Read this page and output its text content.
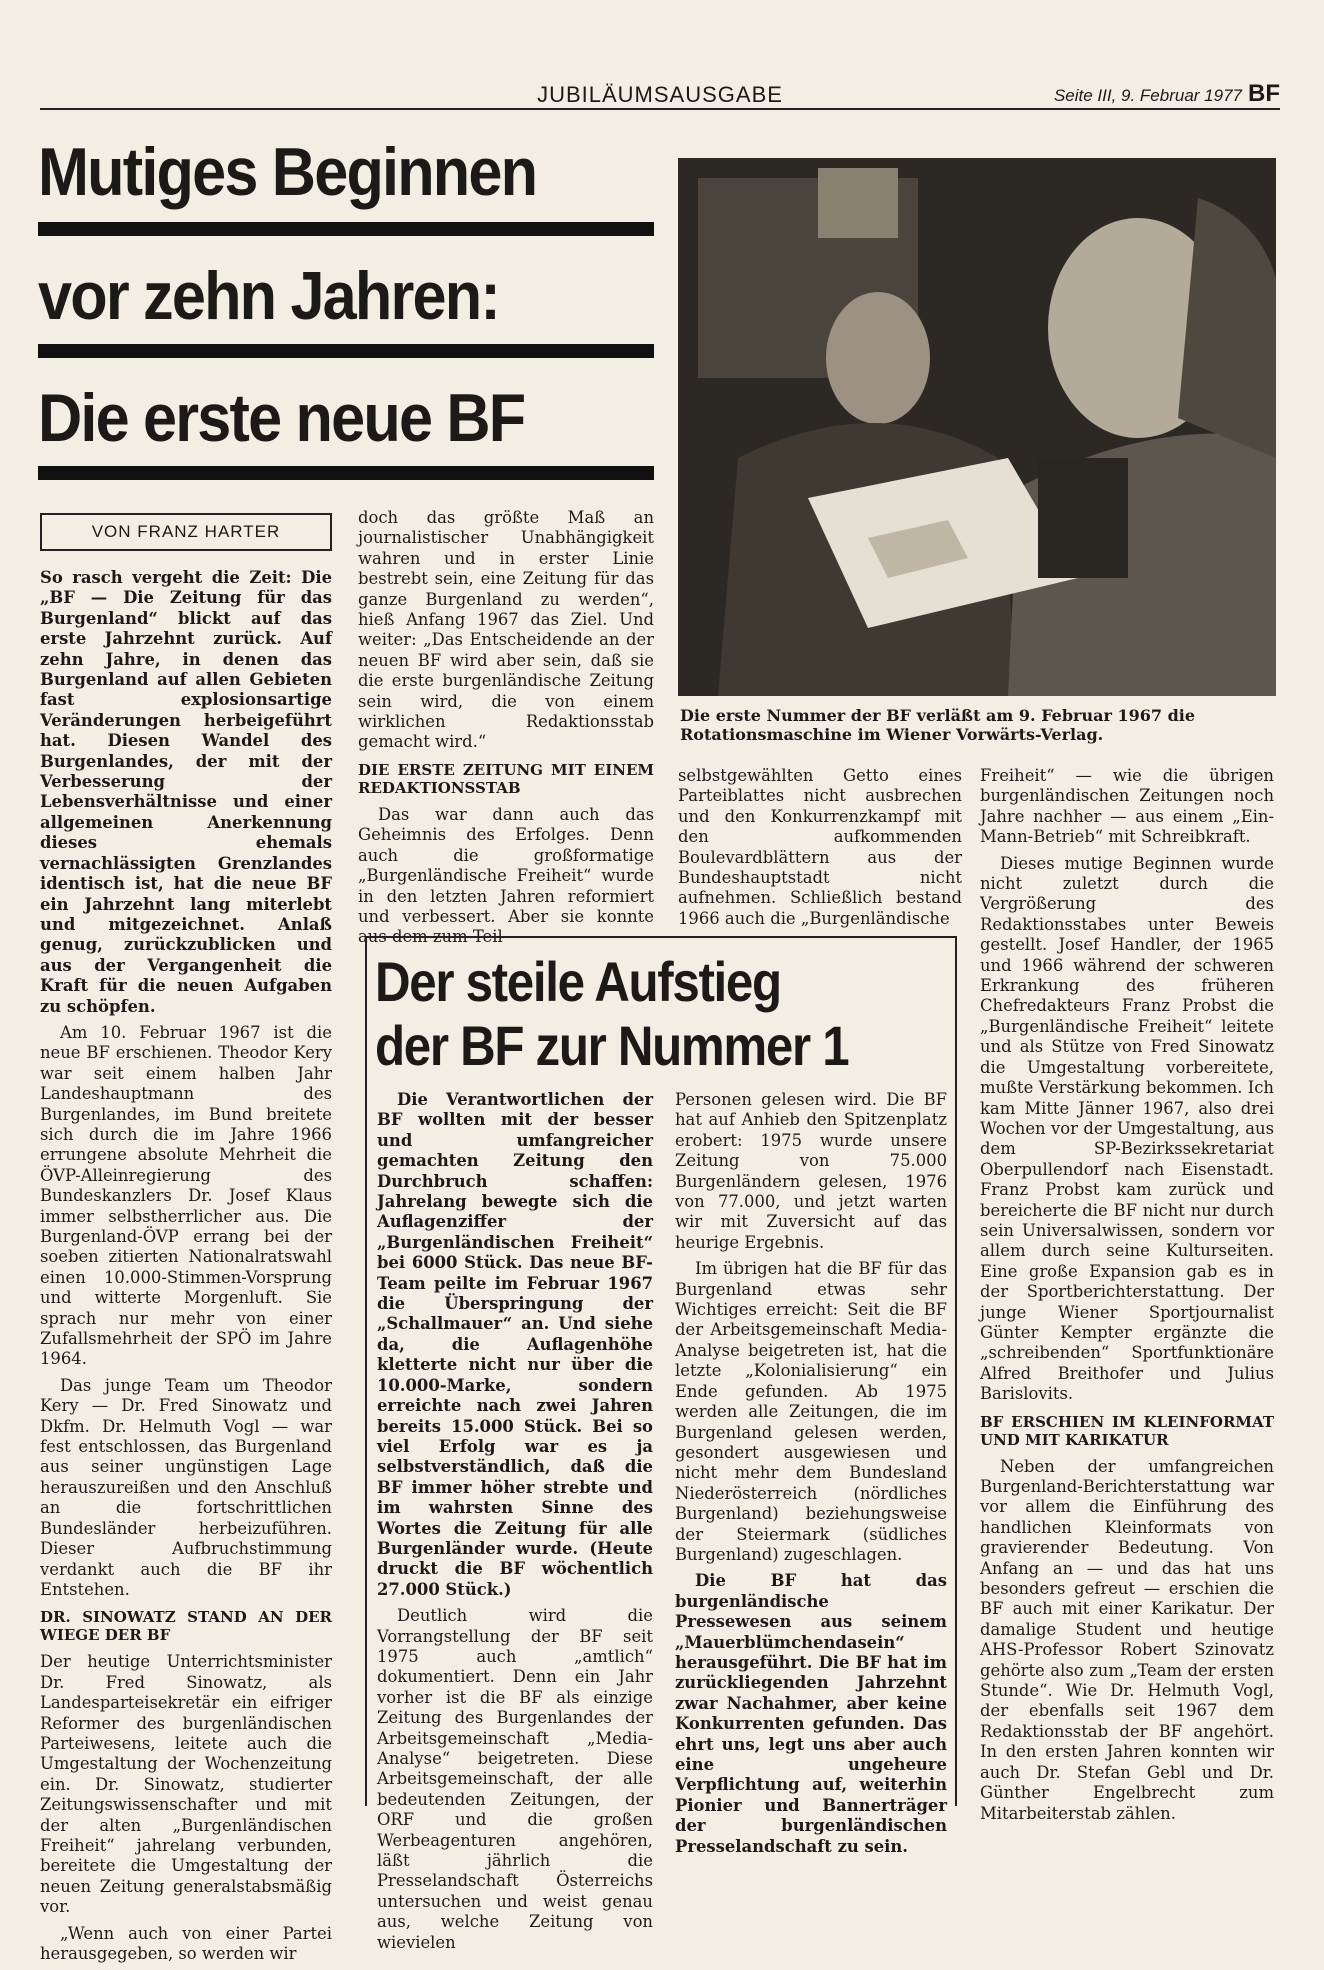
JUBILÄUMSAUSGABE	Seite III, 9. Februar 1977 BF
Mutiges Beginnen
vor zehn Jahren:
Die erste neue BF
VON FRANZ HARTER

So rasch vergeht die Zeit: Die „BF — Die Zeitung für das Burgenland“ blickt auf das erste Jahrzehnt zurück. Auf zehn Jahre, in denen das Burgenland auf allen Gebieten fast explosionsartige Veränderungen herbeigeführt hat. Diesen Wandel des Burgenlandes, der mit der Verbesserung der Lebensverhältnisse und einer allgemeinen Anerkennung dieses ehemals vernachlässigten Grenzlandes identisch ist, hat die neue BF ein Jahrzehnt lang miterlebt und mitgezeichnet. Anlaß genug, zurückzublicken und aus der Vergangenheit die Kraft für die neuen Aufgaben zu schöpfen.

Am 10. Februar 1967 ist die neue BF erschienen. Theodor Kery war seit einem halben Jahr Landeshauptmann des Burgenlandes, im Bund breitete sich durch die im Jahre 1966 errungene absolute Mehrheit die ÖVP-Alleinregierung des Bundeskanzlers Dr. Josef Klaus immer selbstherrlicher aus. Die Burgenland-ÖVP errang bei der soeben zitierten Nationalratswahl einen 10.000-Stimmen-Vorsprung und witterte Morgenluft. Sie sprach nur mehr von einer Zufallsmehrheit der SPÖ im Jahre 1964.

Das junge Team um Theodor Kery — Dr. Fred Sinowatz und Dkfm. Dr. Helmuth Vogl — war fest entschlossen, das Burgenland aus seiner ungünstigen Lage herauszureißen und den Anschluß an die fortschrittlichen Bundesländer herbeizuführen. Dieser Aufbruchstimmung verdankt auch die BF ihr Entstehen.

DR. SINOWATZ STAND AN DER WIEGE DER BF

Der heutige Unterrichtsminister Dr. Fred Sinowatz, als Landesparteisekretär ein eifriger Reformer des burgenländischen Parteiwesens, leitete auch die Umgestaltung der Wochenzeitung ein. Dr. Sinowatz, studierter Zeitungswissenschafter und mit der alten „Burgenländischen Freiheit“ jahrelang verbunden, bereitete die Umgestaltung der neuen Zeitung generalstabsmäßig vor.

„Wenn auch von einer Partei herausgegeben, so werden wir

doch das größte Maß an journalistischer Unabhängigkeit wahren und in erster Linie bestrebt sein, eine Zeitung für das ganze Burgenland zu werden“, hieß Anfang 1967 das Ziel. Und weiter: „Das Entscheidende an der neuen BF wird aber sein, daß sie die erste burgenländische Zeitung sein wird, die von einem wirklichen Redaktionsstab gemacht wird.“

DIE ERSTE ZEITUNG MIT EINEM REDAKTIONSSTAB

Das war dann auch das Geheimnis des Erfolges. Denn auch die großformatige „Burgenländische Freiheit“ wurde in den letzten Jahren reformiert und verbessert. Aber sie konnte aus dem zum Teil

Die erste Nummer der BF verläßt am 9. Februar 1967 die Rotationsmaschine im Wiener Vorwärts-Verlag.

selbstgewählten Getto eines Parteiblattes nicht ausbrechen und den Konkurrenzkampf mit den aufkommenden Boulevardblättern aus der Bundeshauptstadt nicht aufnehmen. Schließlich bestand 1966 auch die „Burgenländische

Freiheit“ — wie die übrigen burgenländischen Zeitungen noch Jahre nachher — aus einem „Ein-Mann-Betrieb“ mit Schreibkraft.

Dieses mutige Beginnen wurde nicht zuletzt durch die Vergrößerung des Redaktionsstabes unter Beweis gestellt. Josef Handler, der 1965 und 1966 während der schweren Erkrankung des früheren Chefredakteurs Franz Probst die „Burgenländische Freiheit“ leitete und als Stütze von Fred Sinowatz die Umgestaltung vorbereitete, mußte Verstärkung bekommen. Ich kam Mitte Jänner 1967, also drei Wochen vor der Umgestaltung, aus dem SP-Bezirkssekretariat Oberpullendorf nach Eisenstadt. Franz Probst kam zurück und bereicherte die BF nicht nur durch sein Universalwissen, sondern vor allem durch seine Kulturseiten. Eine große Expansion gab es in der Sportberichterstattung. Der junge Wiener Sportjournalist Günter Kempter ergänzte die „schreibenden“ Sportfunktionäre Alfred Breithofer und Julius Barislovits.

BF ERSCHIEN IM KLEINFORMAT UND MIT KARIKATUR

Neben der umfangreichen Burgenland-Berichterstattung war vor allem die Einführung des handlichen Kleinformats von gravierender Bedeutung. Von Anfang an — und das hat uns besonders gefreut — erschien die BF auch mit einer Karikatur. Der damalige Student und heutige AHS-Professor Robert Szinovatz gehörte also zum „Team der ersten Stunde“. Wie Dr. Helmuth Vogl, der ebenfalls seit 1967 dem Redaktionsstab der BF angehört. In den ersten Jahren konnten wir auch Dr. Stefan Gebl und Dr. Günther Engelbrecht zum Mitarbeiterstab zählen.

Der steile Aufstieg
der BF zur Nummer 1

Die Verantwortlichen der BF wollten mit der besser und umfangreicher gemachten Zeitung den Durchbruch schaffen: Jahrelang bewegte sich die Auflagenziffer der „Burgenländischen Freiheit“ bei 6000 Stück. Das neue BF-Team peilte im Februar 1967 die Überspringung der „Schallmauer“ an. Und siehe da, die Auflagenhöhe kletterte nicht nur über die 10.000-Marke, sondern erreichte nach zwei Jahren bereits 15.000 Stück. Bei so viel Erfolg war es ja selbstverständlich, daß die BF immer höher strebte und im wahrsten Sinne des Wortes die Zeitung für alle Burgenländer wurde. (Heute druckt die BF wöchentlich 27.000 Stück.)

Deutlich wird die Vorrangstellung der BF seit 1975 auch „amtlich“ dokumentiert. Denn ein Jahr vorher ist die BF als einzige Zeitung des Burgenlandes der Arbeitsgemeinschaft „Media-Analyse“ beigetreten. Diese Arbeitsgemeinschaft, der alle bedeutenden Zeitungen, der ORF und die großen Werbeagenturen angehören, läßt jährlich die Presselandschaft Österreichs untersuchen und weist genau aus, welche Zeitung von wievielen

Personen gelesen wird. Die BF hat auf Anhieb den Spitzenplatz erobert: 1975 wurde unsere Zeitung von 75.000 Burgenländern gelesen, 1976 von 77.000, und jetzt warten wir mit Zuversicht auf das heurige Ergebnis.

Im übrigen hat die BF für das Burgenland etwas sehr Wichtiges erreicht: Seit die BF der Arbeitsgemeinschaft Media-Analyse beigetreten ist, hat die letzte „Kolonialisierung“ ein Ende gefunden. Ab 1975 werden alle Zeitungen, die im Burgenland gelesen werden, gesondert ausgewiesen und nicht mehr dem Bundesland Niederösterreich (nördliches Burgenland) beziehungsweise der Steiermark (südliches Burgenland) zugeschlagen.

Die BF hat das burgenländische Pressewesen aus seinem „Mauerblümchendasein“ herausgeführt. Die BF hat im zurückliegenden Jahrzehnt zwar Nachahmer, aber keine Konkurrenten gefunden. Das ehrt uns, legt uns aber auch eine ungeheure Verpflichtung auf, weiterhin Pionier und Bannerträger der burgenländischen Presselandschaft zu sein.
